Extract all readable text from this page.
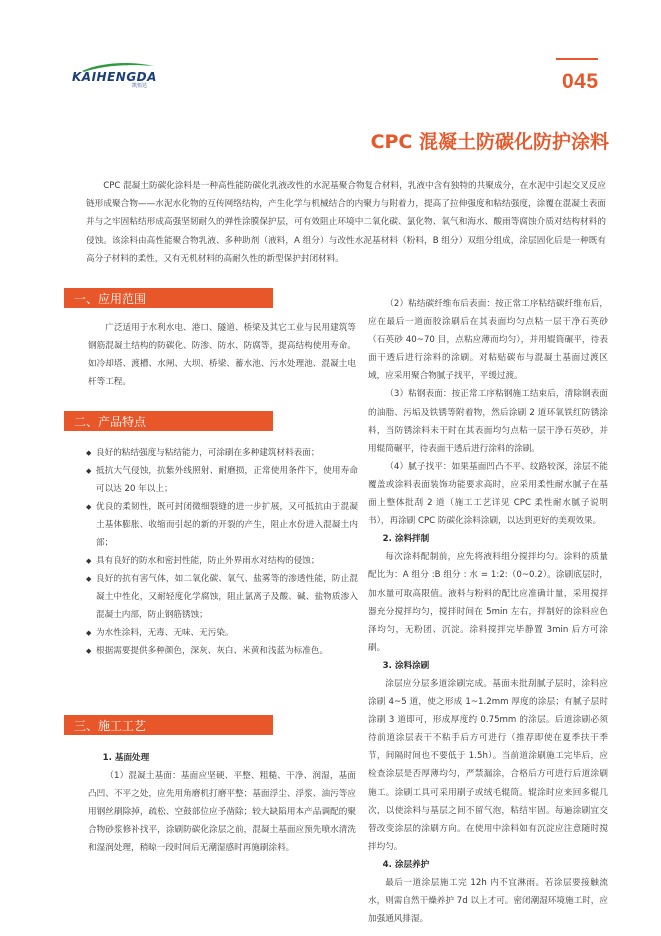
KAIHENGDA
凯恒达	045
CPC 混凝土防碳化防护涂料

CPC 混凝土防碳化涂料是一种高性能防碳化乳液改性的水泥基聚合物复合材料，乳液中含有独特的共聚成分，在水泥中引起交叉反应链形成聚合物——水泥水化物的互传网络结构，产生化学与机械结合的内聚力与附着力，提高了拉伸强度和粘结强度，涂覆在混凝土表面并与之牢固粘结形成高强坚韧耐久的弹性涂膜保护层，可有效阻止环境中二氧化碳、氯化物、氧气和海水、酸雨等腐蚀介质对结构材料的侵蚀。该涂料由高性能聚合物乳液、多种助剂（液料，A 组分）与改性水泥基材料（粉料，B 组分）双组分组成，涂层固化后是一种既有高分子材料的柔性，又有无机材料的高耐久性的新型保护封闭材料。

一、应用范围

广泛适用于水利水电、港口、隧道、桥梁及其它工业与民用建筑等钢筋混凝土结构的防碳化、防渗、防水、防腐等，提高结构使用寿命。如冷却塔、渡槽、水闸、大坝、桥梁、蓄水池、污水处理池、混凝土电杆等工程。

二、产品特点
◆ 良好的粘结强度与粘结能力，可涂刷在多种建筑材料表面；
◆ 抵抗大气侵蚀，抗紫外线照射、耐磨损，正常使用条件下，使用寿命可以达 20 年以上；
◆ 优良的柔韧性，既可封闭微细裂缝的进一步扩展，又可抵抗由于混凝土基体膨胀、收缩而引起的新的开裂的产生，阻止水份进入混凝土内部；
◆ 具有良好的防水和密封性能，防止外界雨水对结构的侵蚀；
◆ 良好的抗有害气体，如二氧化碳、氧气、盐雾等的渗透性能，防止混凝土中性化，又耐轻度化学腐蚀，阻止氯离子及酸、碱、盐物质渗入混凝土内部，防止钢筋锈蚀；
◆ 为水性涂料，无毒、无味、无污染。
◆ 根据需要提供多种颜色，深灰、灰白、米黄和浅蓝为标准色。
三、施工工艺

1. 基面处理

（1）混凝土基面：基面应坚硬、平整、粗糙、干净、润湿，基面凸凹、不平之处，应先用角磨机打磨平整；基面浮尘、浮浆、油污等应用钢丝刷除掉，疏松、空鼓部位应予凿除；较大缺陷用本产品调配的聚合物砂浆修补找平，涂刷防碳化涂层之前，混凝土基面应预先喷水清洗和湿润处理，稍晾一段时间后无潮湿感时再施刷涂料。

（2）粘结碳纤维布后表面：按正常工序粘结碳纤维布后，应在最后一道面胶涂刷后在其表面均匀点粘一层干净石英砂（石英砂 40~70 目，点粘应薄而均匀），并用辊筒碾平，待表面干透后进行涂料的涂刷。对粘贴碳布与混凝土基面过渡区域，应采用聚合物腻子找平，平缓过渡。

（3）粘钢表面：按正常工序粘钢施工结束后，清除钢表面的油脂、污垢及铁锈等附着物，然后涂刷 2 道环氧铁红防锈涂料，当防锈涂料未干时在其表面均匀点粘一层干净石英砂，并用辊筒碾平，待表面干透后进行涂料的涂刷。

（4）腻子找平：如果基面凹凸不平、纹路较深，涂层不能覆盖或涂料表面装饰功能要求高时，应采用柔性耐水腻子在基面上整体批刮 2 道（施工工艺详见 CPC 柔性耐水腻子说明书），再涂刷 CPC 防碳化涂料涂刷，以达到更好的美观效果。

2. 涂料拌制

每次涂料配制前，应先将液料组分搅拌均匀。涂料的质量配比为：A 组分 :B 组分 : 水 = 1:2:（0~0.2）。涂刷底层时，加水量可取高限值。液料与粉料的配比应准确计量，采用搅拌器充分搅拌均匀，搅拌时间在 5min 左右，拌制好的涂料应色泽均匀，无粉团、沉淀。涂料搅拌完毕静置 3min 后方可涂刷。

3. 涂料涂刷

涂层应分层多道涂刷完成。基面未批刮腻子层时，涂料应涂刷 4~5 道，使之形成 1~1.2mm 厚度的涂层；有腻子层时涂刷 3 道即可，形成厚度约 0.75mm 的涂层。后道涂刷必须待前道涂层表干不粘手后方可进行（推荐即使在夏季扶干季节，间隔时间也不要低于 1.5h）。当前道涂刷施工完毕后，应检查涂层是否厚薄均匀，严禁漏涂，合格后方可进行后道涂刷施工。涂刷工具可采用刷子或绒毛辊筒。辊涂时应来回多辊几次，以使涂料与基层之间不留气泡，粘结牢固。每遍涂刷宜交替改变涂层的涂刷方向。在使用中涂料如有沉淀应注意随时搅拌均匀。

4. 涂层养护

最后一道涂层施工完 12h 内不宜淋雨。若涂层要接触流水，则需自然干燥养护 7d 以上才可。密闭潮湿环境施工时，应加强通风排湿。
